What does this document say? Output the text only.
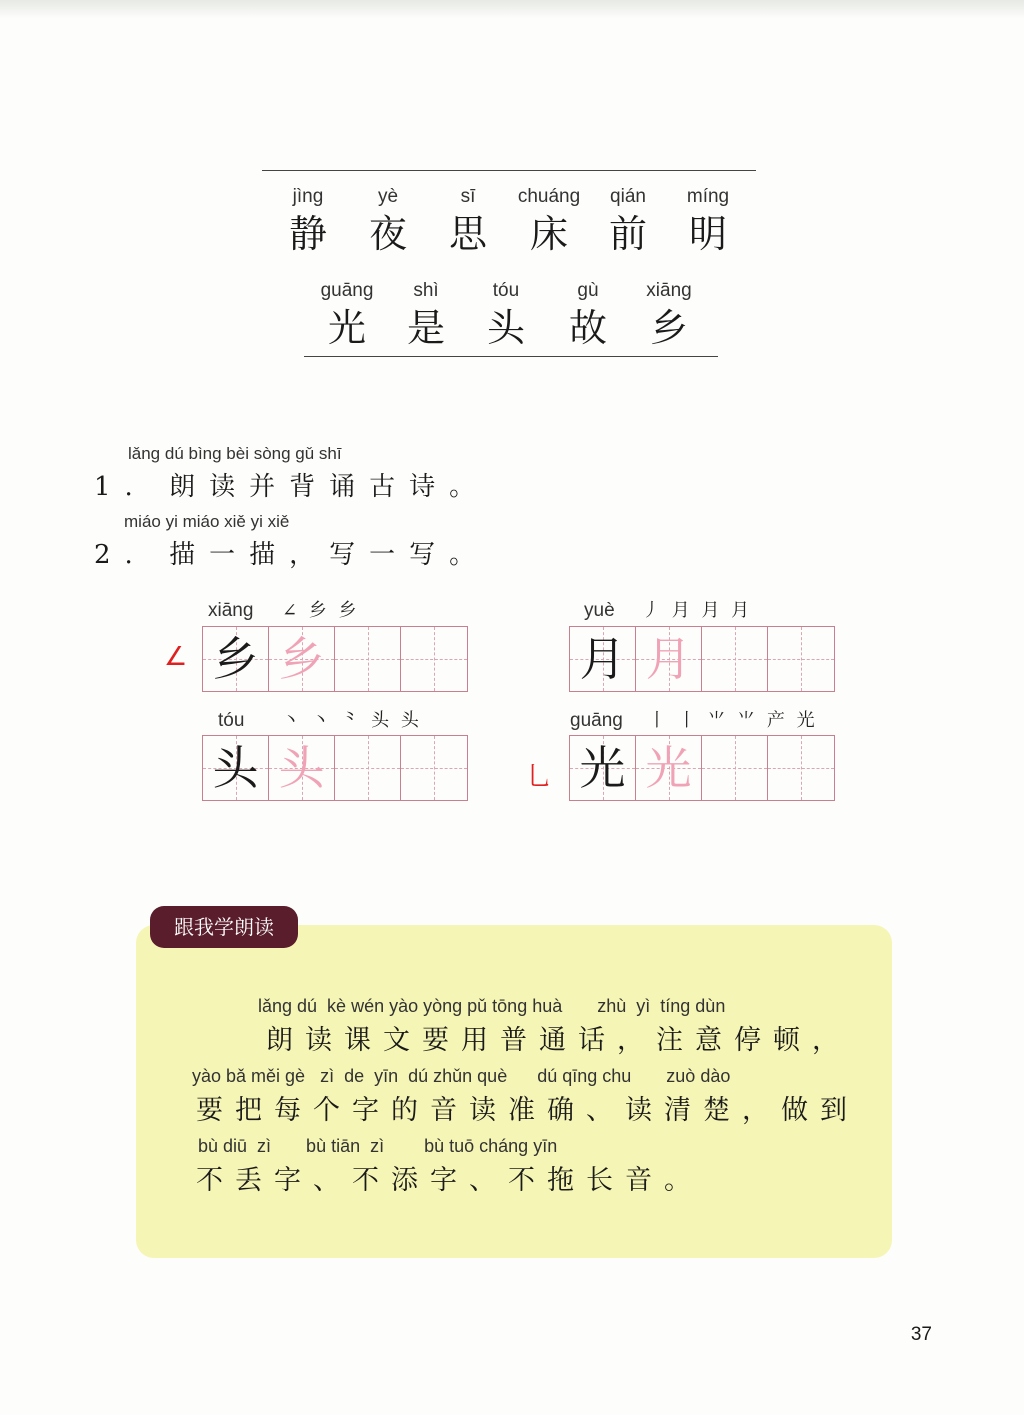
jìng
静
yè
夜
sī
思
chuáng
床
qián
前
míng
明
guāng
光
shì
是
tóu
头
gù
故
xiāng
乡
lǎng dú bìng bèi sòng gǔ shī
1. 朗读并背诵古诗。
miáo yi miáo xiě yi xiě
2. 描一描，写一写。
xiāng ∠ 乡 乡
∠ 乡 乡
yuè 丿 月 月 月
月 月
tóu 丶 丶 ⺀ 头 头
头 头
guāng 丨 丨 ⺌ ⺌ 产 光
乚 光 光
跟我学朗读
lǎng dú  kè wén yào yòng pǔ tōng huà       zhù  yì  tíng dùn
朗读课文要用普通话，注意停顿，
yào bǎ měi gè   zì  de  yīn  dú zhǔn què      dú qīng chu       zuò dào
要把每个字的音读准确、读清楚，做到
bù diū  zì       bù tiān  zì        bù tuō cháng yīn
不丢字、不添字、不拖长音。
37
